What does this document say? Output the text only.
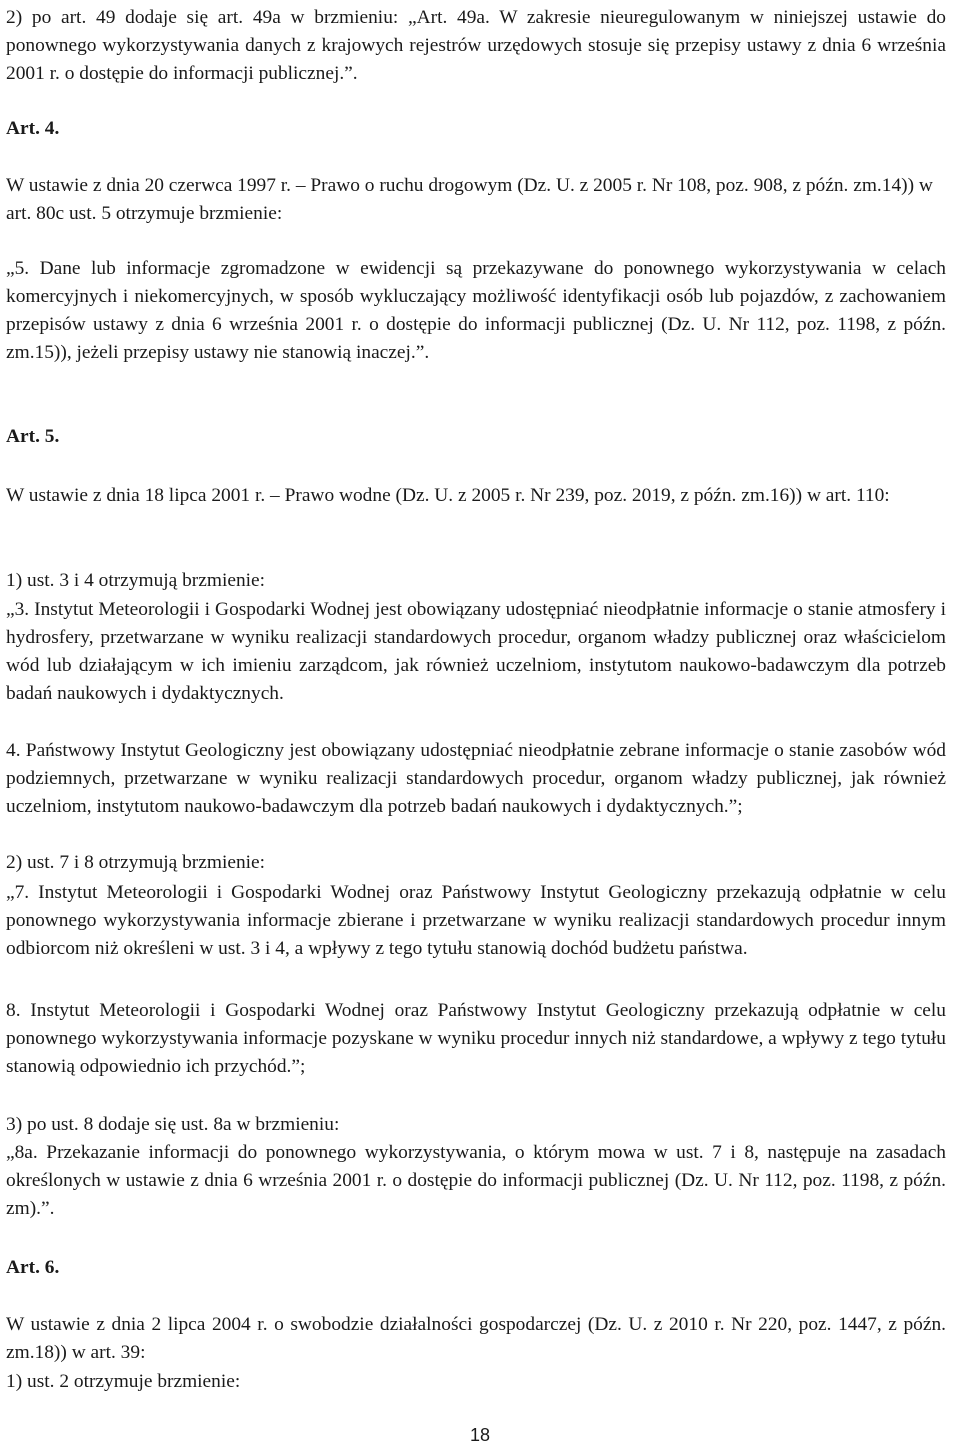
2) po art. 49 dodaje się art. 49a w brzmieniu: „Art. 49a. W zakresie nieuregulowanym w niniejszej ustawie do ponownego wykorzystywania danych z krajowych rejestrów urzędowych stosuje się przepisy ustawy z dnia 6 września 2001 r. o dostępie do informacji publicznej.”.

Art. 4.

W ustawie z dnia 20 czerwca 1997 r. – Prawo o ruchu drogowym (Dz. U. z 2005 r. Nr 108, poz. 908, z późn. zm.14)) w art. 80c ust. 5 otrzymuje brzmienie:

„5. Dane lub informacje zgromadzone w ewidencji są przekazywane do ponownego wykorzystywania w celach komercyjnych i niekomercyjnych, w sposób wykluczający możliwość identyfikacji osób lub pojazdów, z zachowaniem przepisów ustawy z dnia 6 września 2001 r. o dostępie do informacji publicznej (Dz. U. Nr 112, poz. 1198, z późn. zm.15)), jeżeli przepisy ustawy nie stanowią inaczej.”.

Art. 5.

W ustawie z dnia 18 lipca 2001 r. – Prawo wodne (Dz. U. z 2005 r. Nr 239, poz. 2019, z późn. zm.16)) w art. 110:

1) ust. 3 i 4 otrzymują brzmienie:

„3. Instytut Meteorologii i Gospodarki Wodnej jest obowiązany udostępniać nieodpłatnie informacje o stanie atmosfery i hydrosfery, przetwarzane w wyniku realizacji standardowych procedur, organom władzy publicznej oraz właścicielom wód lub działającym w ich imieniu zarządcom, jak również uczelniom, instytutom naukowo-badawczym dla potrzeb badań naukowych i dydaktycznych.

4. Państwowy Instytut Geologiczny jest obowiązany udostępniać nieodpłatnie zebrane informacje o stanie zasobów wód podziemnych, przetwarzane w wyniku realizacji standardowych procedur, organom władzy publicznej, jak również uczelniom, instytutom naukowo-badawczym dla potrzeb badań naukowych i dydaktycznych.”;

2) ust. 7 i 8 otrzymują brzmienie:

„7. Instytut Meteorologii i Gospodarki Wodnej oraz Państwowy Instytut Geologiczny przekazują odpłatnie w celu ponownego wykorzystywania informacje zbierane i przetwarzane w wyniku realizacji standardowych procedur innym odbiorcom niż określeni w ust. 3 i 4, a wpływy z tego tytułu stanowią dochód budżetu państwa.

8. Instytut Meteorologii i Gospodarki Wodnej oraz Państwowy Instytut Geologiczny przekazują odpłatnie w celu ponownego wykorzystywania informacje pozyskane w wyniku procedur innych niż standardowe, a wpływy z tego tytułu stanowią odpowiednio ich przychód.”;

3) po ust. 8 dodaje się ust. 8a w brzmieniu:

„8a. Przekazanie informacji do ponownego wykorzystywania, o którym mowa w ust. 7 i 8, następuje na zasadach określonych w ustawie z dnia 6 września 2001 r. o dostępie do informacji publicznej (Dz. U. Nr 112, poz. 1198, z późn. zm).”.

Art. 6.

W ustawie z dnia 2 lipca 2004 r. o swobodzie działalności gospodarczej (Dz. U. z 2010 r. Nr 220, poz. 1447, z późn. zm.18)) w art. 39:

1) ust. 2 otrzymuje brzmienie:

18
